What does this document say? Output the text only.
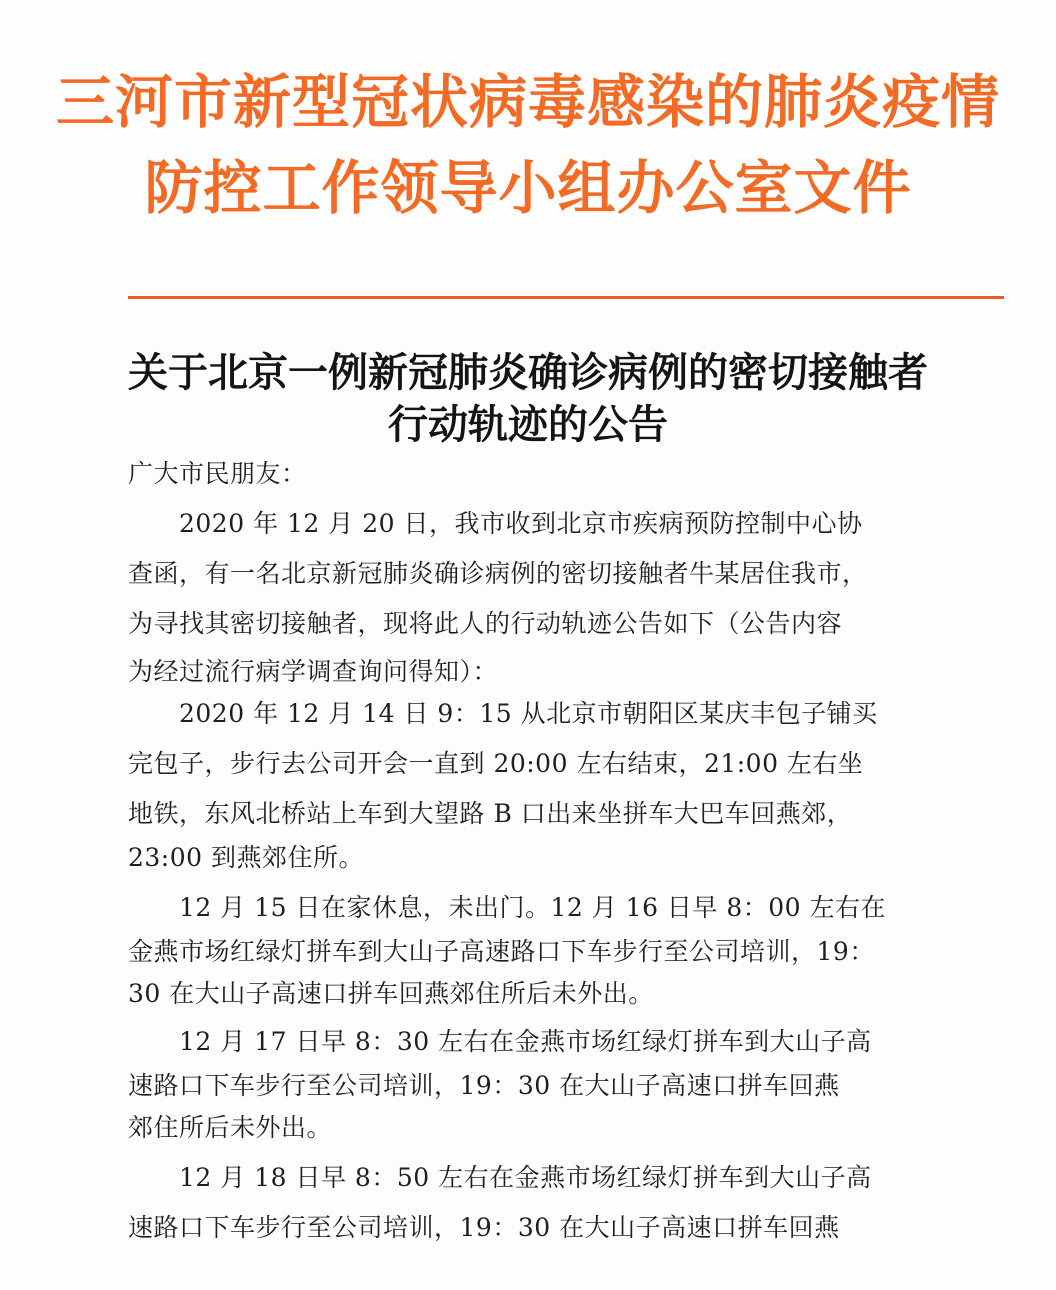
三河市新型冠状病毒感染的肺炎疫情
防控工作领导小组办公室文件
关于北京一例新冠肺炎确诊病例的密切接触者
行动轨迹的公告

广大市民朋友：

　　2020 年 12 月 20 日，我市收到北京市疾病预防控制中心协

查函，有一名北京新冠肺炎确诊病例的密切接触者牛某居住我市，

为寻找其密切接触者，现将此人的行动轨迹公告如下（公告内容

为经过流行病学调查询问得知）：

　　2020 年 12 月 14 日 9：15 从北京市朝阳区某庆丰包子铺买

完包子，步行去公司开会一直到 20:00 左右结束，21:00 左右坐

地铁，东风北桥站上车到大望路 B 口出来坐拼车大巴车回燕郊，

23:00 到燕郊住所。

　　12 月 15 日在家休息，未出门。12 月 16 日早 8：00 左右在

金燕市场红绿灯拼车到大山子高速路口下车步行至公司培训，19：

30 在大山子高速口拼车回燕郊住所后未外出。

　　12 月 17 日早 8：30 左右在金燕市场红绿灯拼车到大山子高

速路口下车步行至公司培训，19：30 在大山子高速口拼车回燕

郊住所后未外出。

　　12 月 18 日早 8：50 左右在金燕市场红绿灯拼车到大山子高

速路口下车步行至公司培训，19：30 在大山子高速口拼车回燕
